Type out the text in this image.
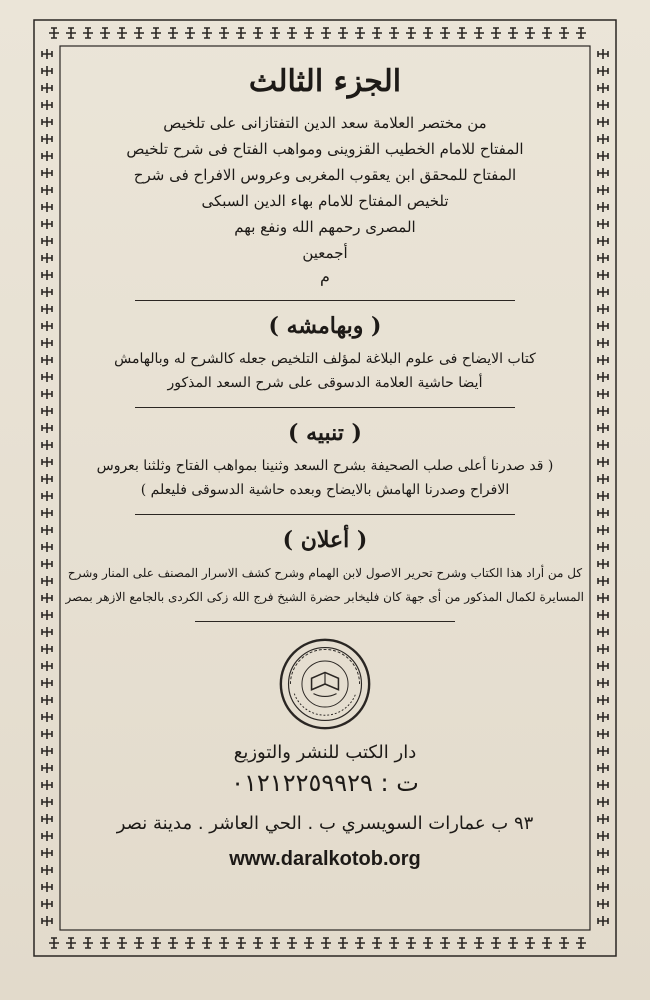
الجزء الثالث
من مختصر العلامة سعد الدين التفتازانى على تلخيص
المفتاح للامام الخطيب القزوينى ومواهب الفتاح فى شرح تلخيص
المفتاح للمحقق ابن يعقوب المغربى وعروس الافراح فى شرح
تلخيص المفتاح للامام بهاء الدين السبكى
المصرى رحمهم الله ونفع بهم
أجمعين
م
( وبهامشه )
كتاب الايضاح فى علوم البلاغة لمؤلف التلخيص جعله كالشرح له وبالهامش
أيضا حاشية العلامة الدسوقى على شرح السعد المذكور
( تنبيه )
( قد صدرنا أعلى صلب الصحيفة بشرح السعد وثنينا بمواهب الفتاح وثلثنا بعروس
الافراح وصدرنا الهامش بالايضاح وبعده حاشية الدسوقى فليعلم )
( أعلان )
كل من أراد هذا الكتاب وشرح تحرير الاصول لابن الهمام وشرح كشف الاسرار المصنف على المنار وشرح
المسايرة لكمال المذكور من أى جهة كان فليخابر حضرة الشيخ فرج الله زكى الكردى بالجامع الازهر بمصر
دار الكتب للنشر والتوزيع
ت : ٠١٢١٢٢٥٩٩٢٩
٩٣ ب عمارات السويسري ب . الحي العاشر . مدينة نصر
www.daralkotob.org
